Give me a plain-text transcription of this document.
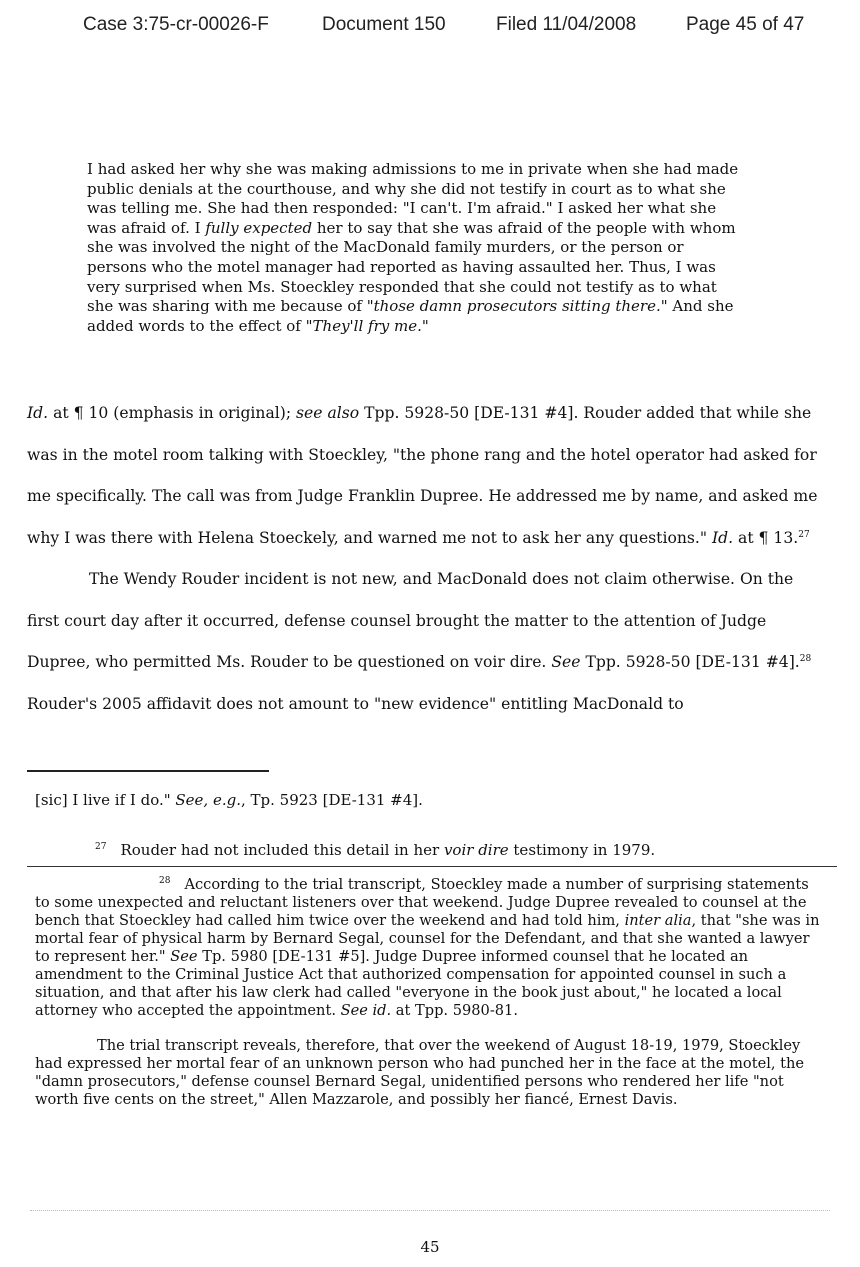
Case 3:75-cr-00026-F	Document 150	Filed 11/04/2008	Page 45 of 47
I had asked her why she was making admissions to me in private when she had made public denials at the courthouse, and why she did not testify in court as to what she was telling me. She had then responded: "I can't. I'm afraid." I asked her what she was afraid of. I fully expected her to say that she was afraid of the people with whom she was involved the night of the MacDonald family murders, or the person or persons who the motel manager had reported as having assaulted her. Thus, I was very surprised when Ms. Stoeckley responded that she could not testify as to what she was sharing with me because of "those damn prosecutors sitting there." And she added words to the effect of "They'll fry me."

Id. at ¶ 10 (emphasis in original); see also Tpp. 5928-50 [DE-131 #4]. Rouder added that while she was in the motel room talking with Stoeckley, "the phone rang and the hotel operator had asked for me specifically. The call was from Judge Franklin Dupree. He addressed me by name, and asked me why I was there with Helena Stoeckely, and warned me not to ask her any questions." Id. at ¶ 13.27

The Wendy Rouder incident is not new, and MacDonald does not claim otherwise. On the first court day after it occurred, defense counsel brought the matter to the attention of Judge Dupree, who permitted Ms. Rouder to be questioned on voir dire. See Tpp. 5928-50 [DE-131 #4].$^{28}$ Rouder's 2005 affidavit does not amount to "new evidence" entitling MacDonald to

[sic] I live if I do." See, e.g., Tp. 5923 [DE-131 #4].
$^{27}$ Rouder had not included this detail in her voir dire testimony in 1979.

$^{28}$ According to the trial transcript, Stoeckley made a number of surprising statements to some unexpected and reluctant listeners over that weekend. Judge Dupree revealed to counsel at the bench that Stoeckley had called him twice over the weekend and had told him, inter alia, that "she was in mortal fear of physical harm by Bernard Segal, counsel for the Defendant, and that she wanted a lawyer to represent her." See Tp. 5980 [DE-131 #5]. Judge Dupree informed counsel that he located an amendment to the Criminal Justice Act that authorized compensation for appointed counsel in such a situation, and that after his law clerk had called "everyone in the book just about," he located a local attorney who accepted the appointment. See id. at Tpp. 5980-81.

The trial transcript reveals, therefore, that over the weekend of August 18-19, 1979, Stoeckley had expressed her mortal fear of an unknown person who had punched her in the face at the motel, the "damn prosecutors," defense counsel Bernard Segal, unidentified persons who rendered her life "not worth five cents on the street," Allen Mazzarole, and possibly her fiancé, Ernest Davis.

45
